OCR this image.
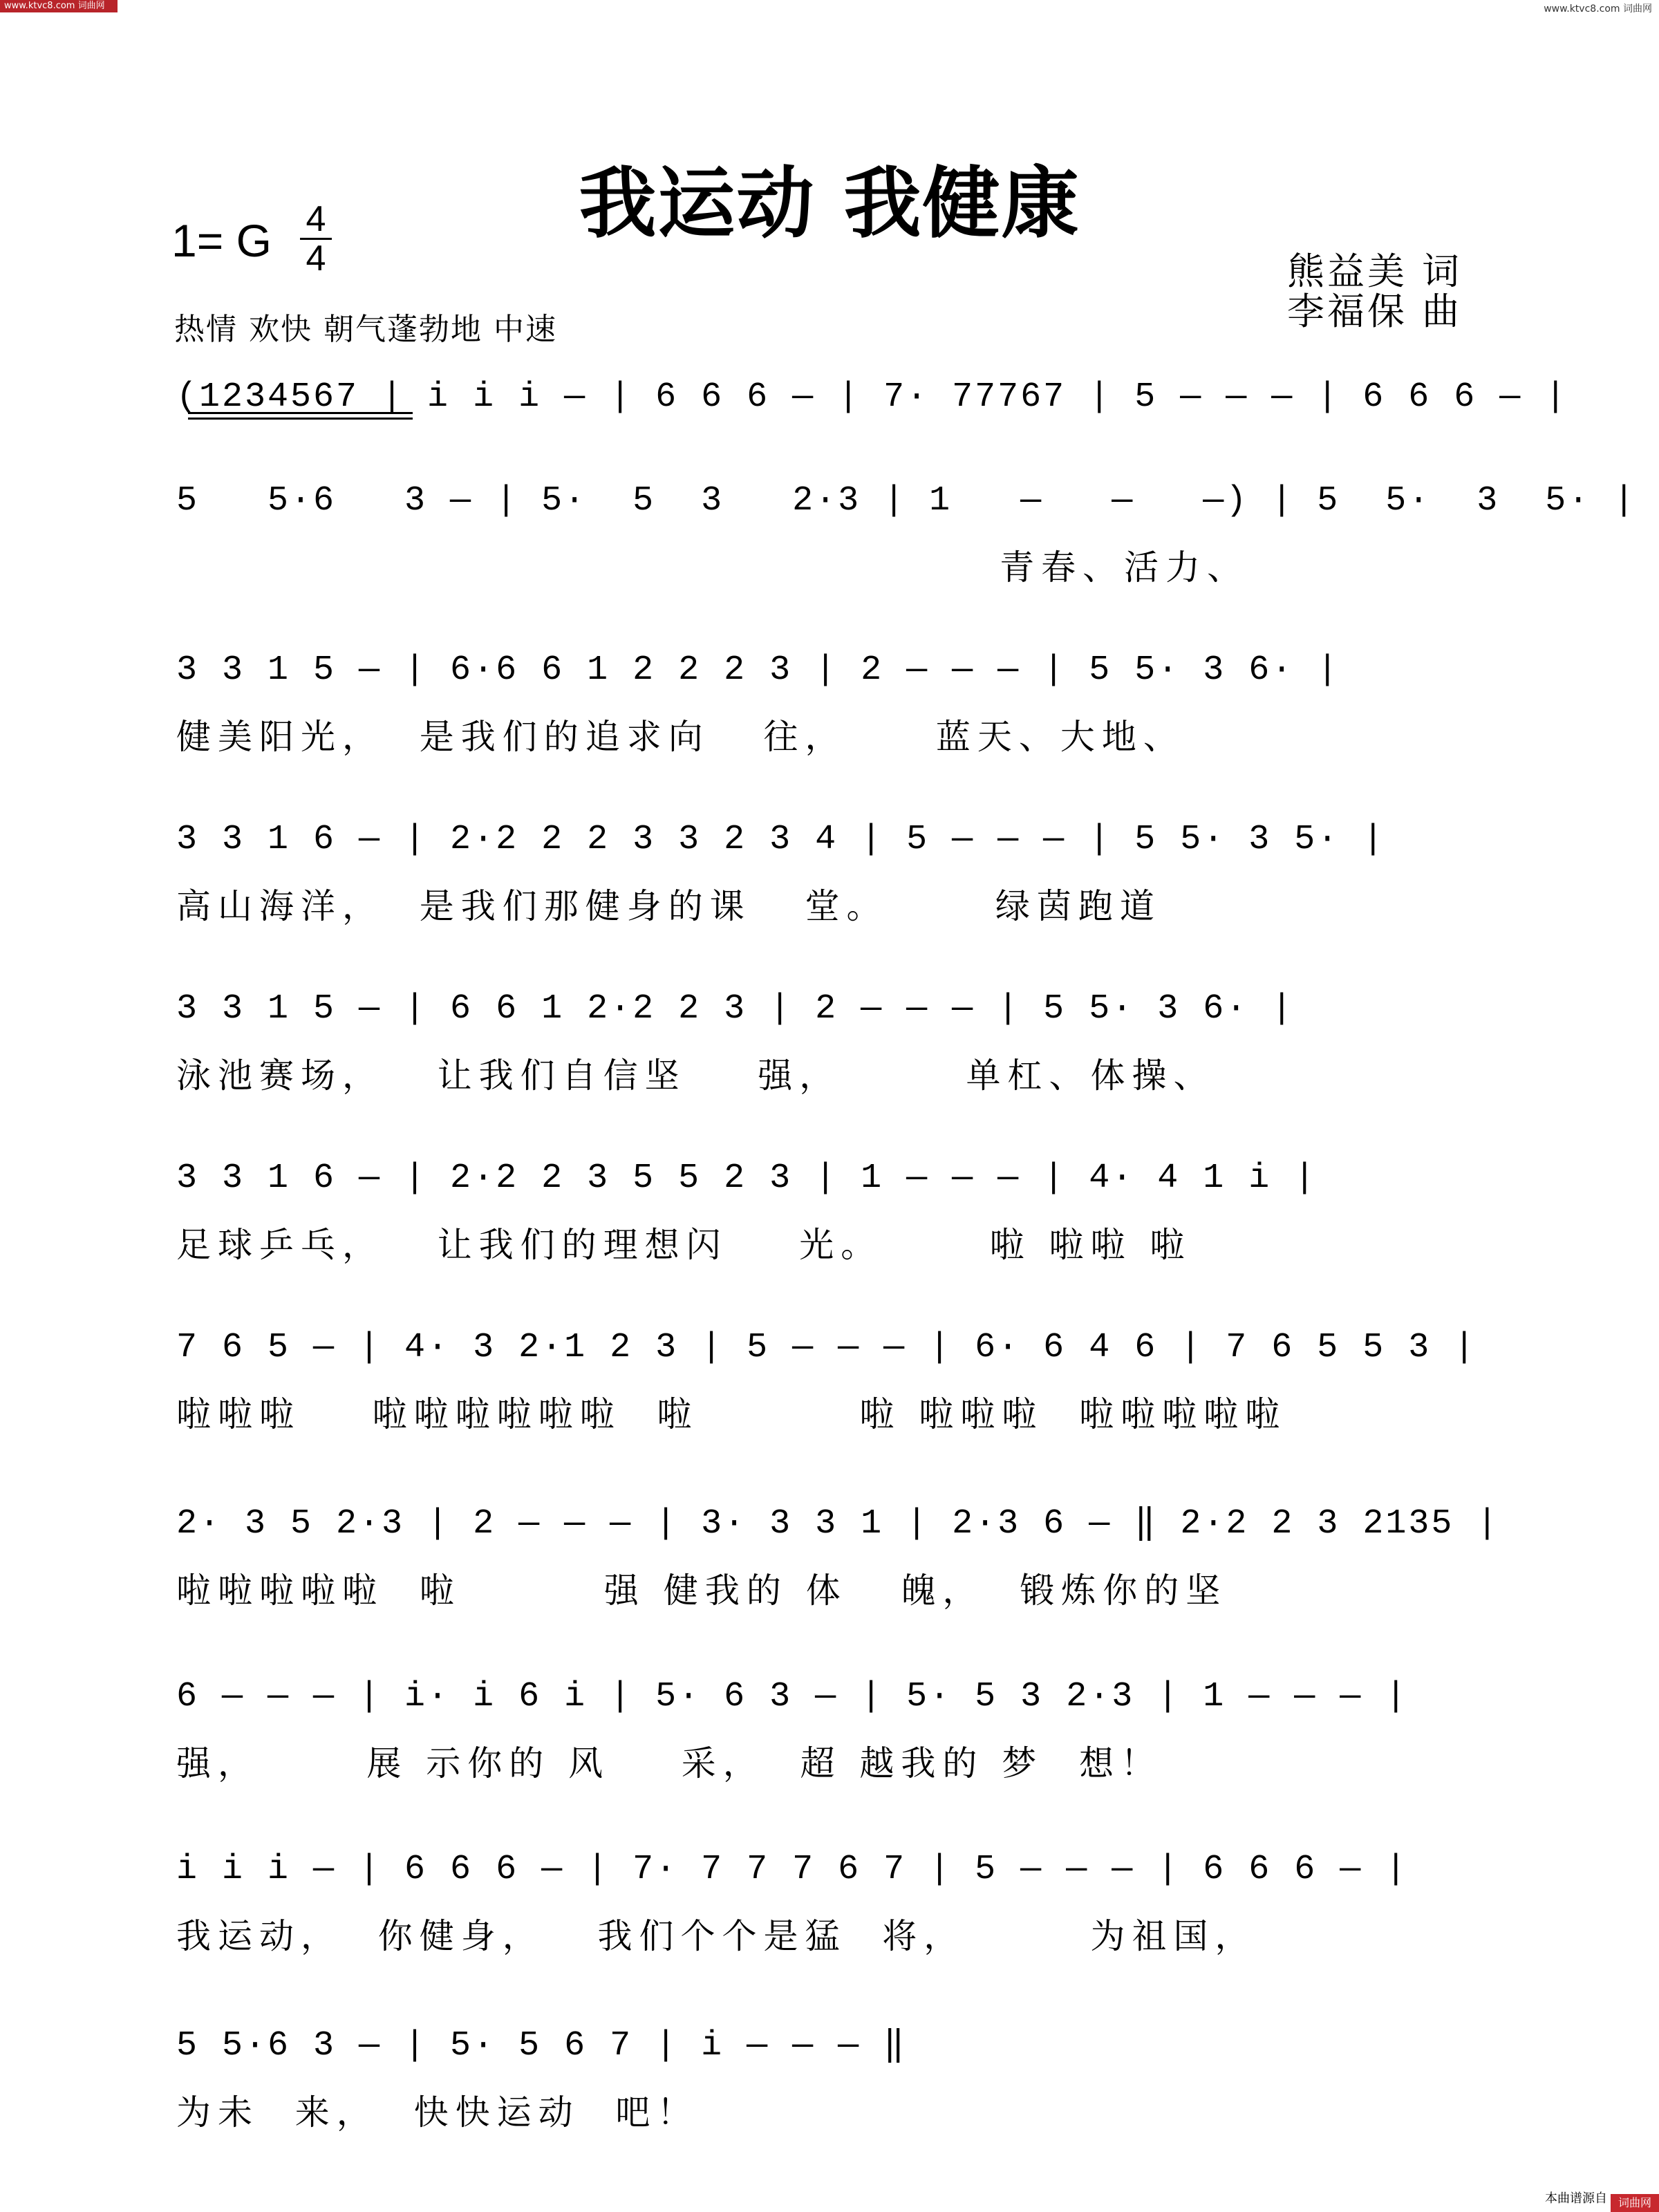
www.ktvc8.com 词曲网	www.ktvc8.com 词曲网
我运动 我健康
1= G 4
4	熊益美 词
李福保 曲
热情 欢快 朝气蓬勃地 中速
(1234567 | i i i — | 6 6 6 — | 7· 77767 | 5 — — — | 6 6 6 — |
5   5·6   3 — | 5·  5  3   2·3 | 1   —   —   —) | 5  5·  3  5· |
青春、活力、
3 3 1 5 — | 6·6 6 1 2 2 2 3 | 2 — — — | 5 5· 3 6· |
健美阳光，  是我们的追求向   往，     蓝天、大地、
3 3 1 6 — | 2·2 2 2 3 3 2 3 4 | 5 — — — | 5 5· 3 5· |
高山海洋，  是我们那健身的课   堂。      绿茵跑道
3 3 1 5 — | 6 6 1 2·2 2 3 | 2 — — — | 5 5· 3 6· |
泳池赛场，   让我们自信坚    强，       单杠、体操、
3 3 1 6 — | 2·2 2 3 5 5 2 3 | 1 — — — | 4· 4 1 i |
足球乒乓，   让我们的理想闪    光。      啦 啦啦 啦
7 6 5 — | 4· 3 2·1 2 3 | 5 — — — | 6· 6 4 6 | 7 6 5 5 3 |
啦啦啦    啦啦啦啦啦啦  啦         啦 啦啦啦  啦啦啦啦啦
2· 3 5 2·3 | 2 — — — | 3· 3 3 1 | 2·3 6 — ‖ 2·2 2 3 2135 |
啦啦啦啦啦  啦        强 健我的 体   魄，  锻炼你的坚
6 — — — | i· i 6 i | 5· 6 3 — | 5· 5 3 2·3 | 1 — — — |
强，      展 示你的 风    采，  超 越我的 梦  想！
i i i — | 6 6 6 — | 7· 7 7 7 6 7 | 5 — — — | 6 6 6 — |
我运动，  你健身，   我们个个是猛  将，       为祖国，
5 5·6 3 — | 5· 5 6 7 | i — — — ‖
为未  来，  快快运动  吧！
本曲谱源自 词曲网
